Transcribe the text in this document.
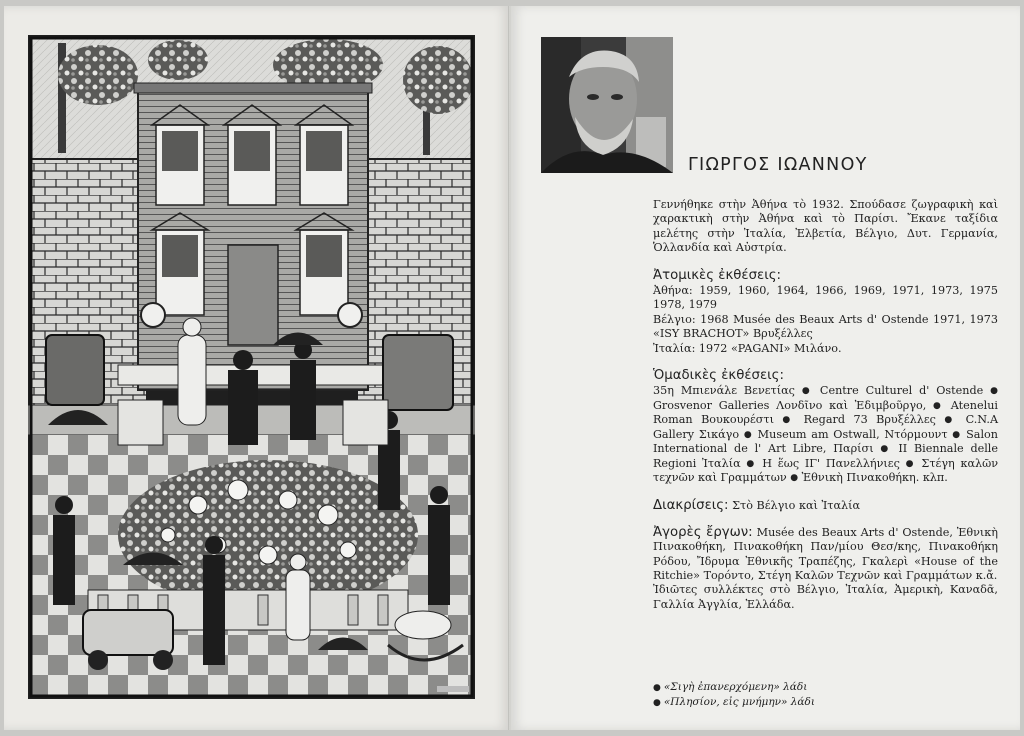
ΓΙΩΡΓΟΣ ΙΩΑΝΝΟΥ

Γεννήθηκε στὴν Ἀθήνα τὸ 1932. Σπούδασε ζωγραφικὴ καὶ χαρακτικὴ στὴν Ἀθήνα καὶ τὸ Παρίσι. Ἔκανε ταξίδια μελέτης στὴν Ἰταλία, Ἐλβετία, Βέλγιο, Δυτ. Γερμανία, Ὁλλανδία καὶ Αὐστρία.

Ἀτομικὲς ἐκθέσεις:

Ἀθήνα: 1959, 1960, 1964, 1966, 1969, 1971, 1973, 1975 1978, 1979

Βέλγιο: 1968 Musée des Beaux Arts d' Ostende 1971, 1973 «ISY BRACHOT» Βρυξέλλες

Ἰταλία: 1972 «PAGANI» Μιλάνο.

Ὁμαδικὲς ἐκθέσεις:

35η Μπιενάλε Βενετίας ● Centre Culturel d' Ostende ● Grosvenor Galleries Λονδῖνο καὶ Ἐδιμβοῦργο, ● Atenelui Roman Βουκουρέστι ● Regard 73 Βρυξέλλες ● C.N.A Gallery Σικάγο ● Museum am Ostwall, Ντόρμουντ ● Salon International de l' Art Libre, Παρίσι ● II Biennale delle Regioni Ἰταλία ● Η ἕως ΙΓ' Πανελλήνιες ● Στέγη καλῶν τεχνῶν καὶ Γραμμάτων ● Ἐθνικὴ Πινακοθήκη. κλπ.

Διακρίσεις: Στὸ Βέλγιο καὶ Ἰταλία

Ἀγορὲς ἔργων: Musée des Beaux Arts d' Ostende, Ἐθνικὴ Πινακοθήκη, Πινακοθήκη Παν/μίου Θεσ/κης, Πινακοθήκη Ρόδου, Ἴδρυμα Ἐθνικῆς Τραπέζης, Γκαλερὶ «House of the Ritchie» Τορόντο, Στέγη Καλῶν Τεχνῶν καὶ Γραμμάτων κ.ἄ.

Ἰδιῶτες συλλέκτες στὸ Βέλγιο, Ἰταλία, Ἀμερικὴ, Καναδᾶ, Γαλλία Ἀγγλία, Ἑλλάδα.

● «Σιγὴ ἐπανερχόμενη» λάδι
● «Πλησίον, εἰς μνήμην» λάδι
